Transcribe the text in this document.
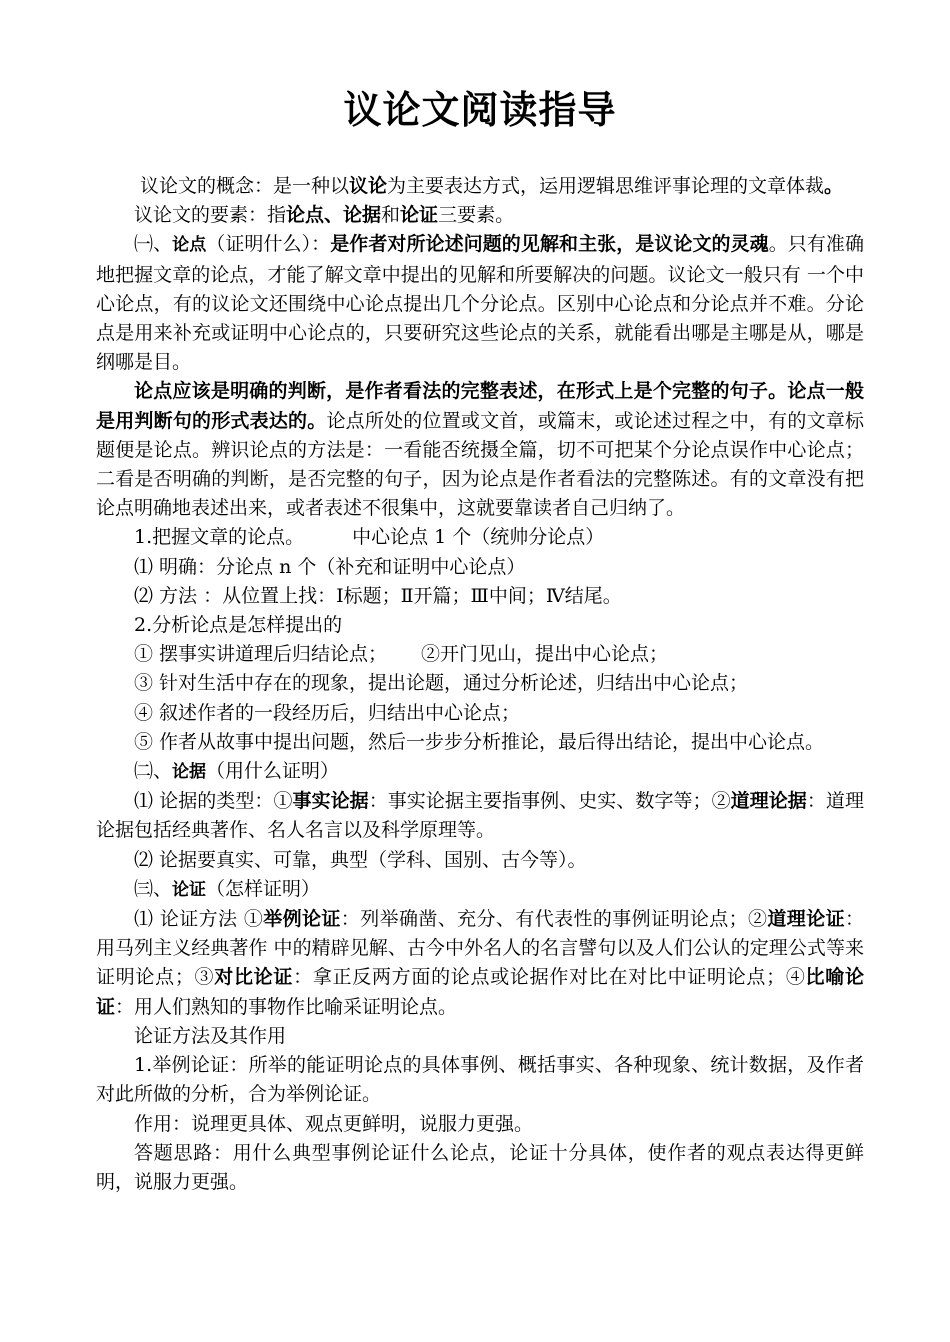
议论文阅读指导

议论文的概念：是一种以议论为主要表达方式，运用逻辑思维评事论理的文章体裁。

议论文的要素：指论点、论据和论证三要素。

㈠、论点（证明什么）：是作者对所论述问题的见解和主张，是议论文的灵魂。只有准确地把握文章的论点，才能了解文章中提出的见解和所要解决的问题。议论文一般只有 一个中心论点，有的议论文还围绕中心论点提出几个分论点。区别中心论点和分论点并不难。分论点是用来补充或证明中心论点的，只要研究这些论点的关系，就能看出哪是主哪是从，哪是纲哪是目。

论点应该是明确的判断，是作者看法的完整表述，在形式上是个完整的句子。论点一般是用判断句的形式表达的。论点所处的位置或文首，或篇末，或论述过程之中，有的文章标题便是论点。辨识论点的方法是：一看能否统摄全篇，切不可把某个分论点误作中心论点；二看是否明确的判断，是否完整的句子，因为论点是作者看法的完整陈述。有的文章没有把论点明确地表述出来，或者表述不很集中，这就要靠读者自己归纳了。

1.把握文章的论点。	中心论点 1 个（统帅分论点）

⑴ 明确：分论点 n 个（补充和证明中心论点）

⑵ 方法 ：从位置上找：Ⅰ标题；Ⅱ开篇；Ⅲ中间；Ⅳ结尾。

2.分析论点是怎样提出的

① 摆事实讲道理后归结论点； ②开门见山，提出中心论点；

③ 针对生活中存在的现象，提出论题，通过分析论述，归结出中心论点；

④ 叙述作者的一段经历后，归结出中心论点；

⑤ 作者从故事中提出问题，然后一步步分析推论，最后得出结论，提出中心论点。

㈡、论据（用什么证明）

⑴ 论据的类型：①事实论据：事实论据主要指事例、史实、数字等；②道理论据：道理论据包括经典著作、名人名言以及科学原理等。

⑵ 论据要真实、可靠，典型（学科、国别、古今等）。

㈢、论证（怎样证明）

⑴ 论证方法 ①举例论证：列举确凿、充分、有代表性的事例证明论点；②道理论证：用马列主义经典著作 中的精辟见解、古今中外名人的名言譬句以及人们公认的定理公式等来证明论点；③对比论证：拿正反两方面的论点或论据作对比在对比中证明论点；④比喻论证：用人们熟知的事物作比喻采证明论点。

论证方法及其作用

1.举例论证：所举的能证明论点的具体事例、概括事实、各种现象、统计数据，及作者对此所做的分析，合为举例论证。

作用：说理更具体、观点更鲜明，说服力更强。

答题思路：用什么典型事例论证什么论点，论证十分具体，使作者的观点表达得更鲜明，说服力更强。
